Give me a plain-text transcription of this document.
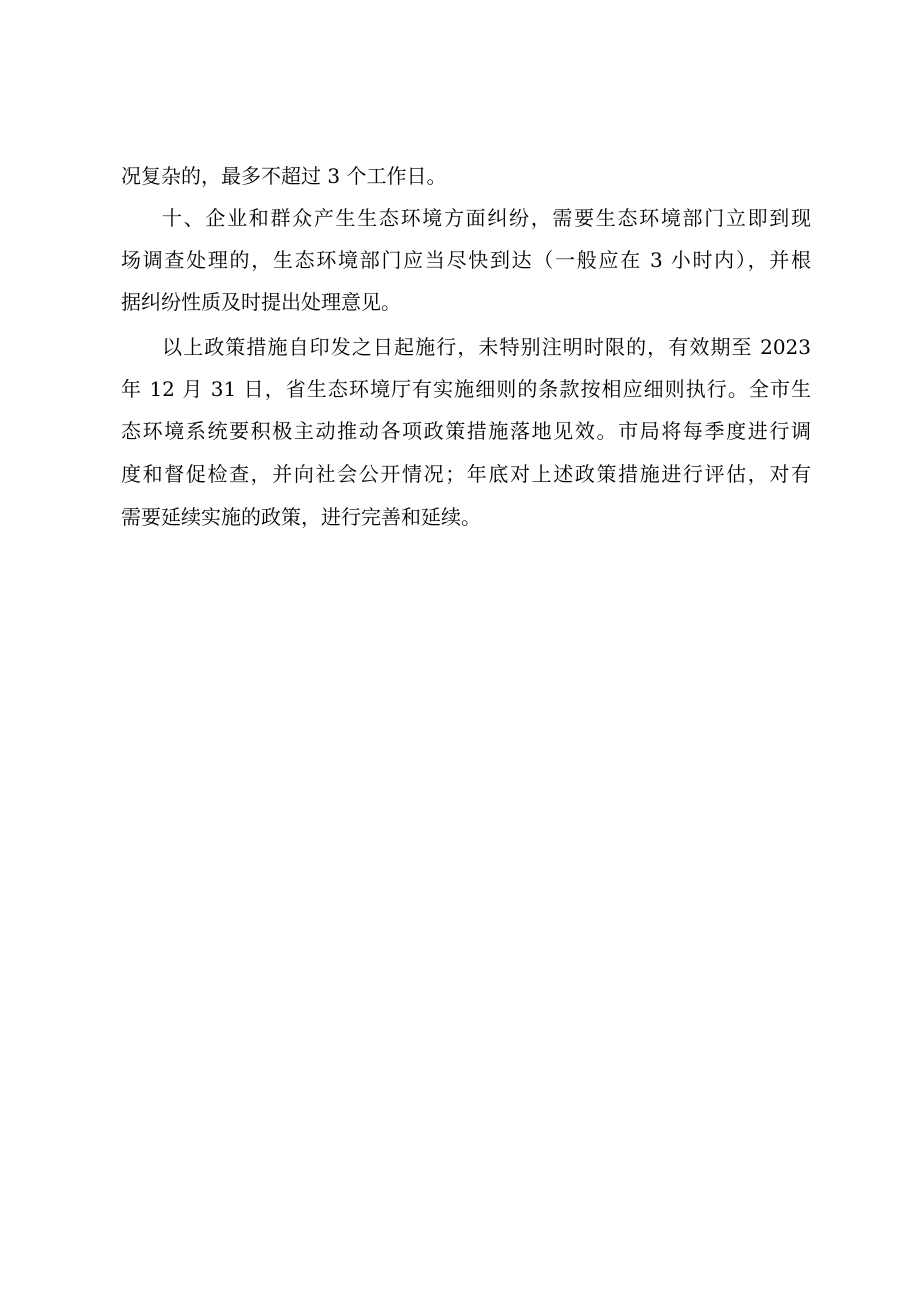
况复杂的，最多不超过 3 个工作日。

十、企业和群众产生生态环境方面纠纷，需要生态环境部门立即到现

场调查处理的，生态环境部门应当尽快到达（一般应在 3 小时内），并根

据纠纷性质及时提出处理意见。

以上政策措施自印发之日起施行，未特别注明时限的，有效期至 2023

年 12 月 31 日，省生态环境厅有实施细则的条款按相应细则执行。全市生

态环境系统要积极主动推动各项政策措施落地见效。市局将每季度进行调

度和督促检查，并向社会公开情况；年底对上述政策措施进行评估，对有

需要延续实施的政策，进行完善和延续。
